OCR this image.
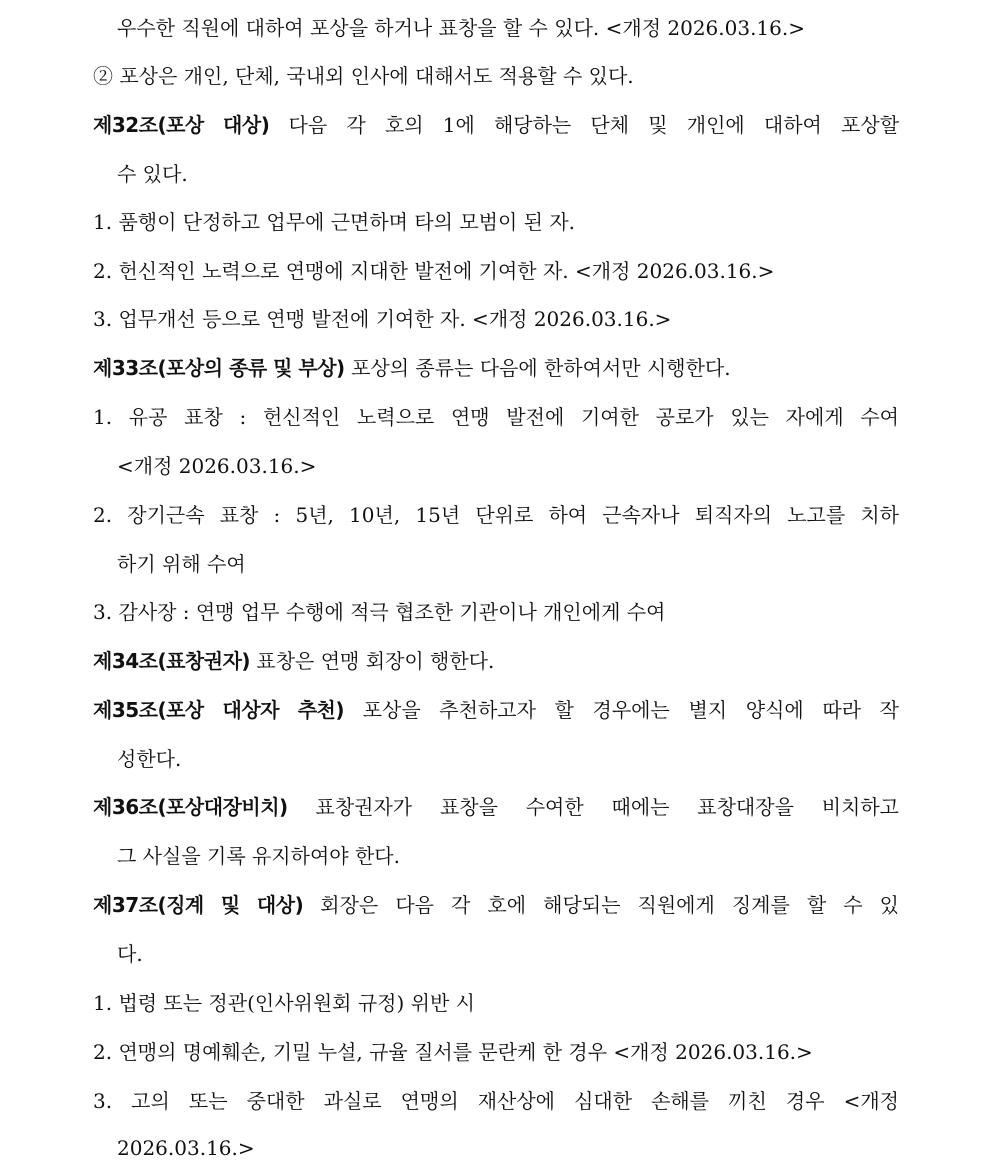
우수한 직원에 대하여 포상을 하거나 표창을 할 수 있다. <개정 2026.03.16.>
② 포상은 개인, 단체, 국내외 인사에 대해서도 적용할 수 있다.
제32조(포상 대상) 다음 각 호의 1에 해당하는 단체 및 개인에 대하여 포상할
수 있다.
1. 품행이 단정하고 업무에 근면하며 타의 모범이 된 자.
2. 헌신적인 노력으로 연맹에 지대한 발전에 기여한 자. <개정 2026.03.16.>
3. 업무개선 등으로 연맹 발전에 기여한 자. <개정 2026.03.16.>
제33조(포상의 종류 및 부상) 포상의 종류는 다음에 한하여서만 시행한다.
1. 유공 표창 : 헌신적인 노력으로 연맹 발전에 기여한 공로가 있는 자에게 수여
<개정 2026.03.16.>
2. 장기근속 표창 : 5년, 10년, 15년 단위로 하여 근속자나 퇴직자의 노고를 치하
하기 위해 수여
3. 감사장 : 연맹 업무 수행에 적극 협조한 기관이나 개인에게 수여
제34조(표창권자) 표창은 연맹 회장이 행한다.
제35조(포상 대상자 추천) 포상을 추천하고자 할 경우에는 별지 양식에 따라 작
성한다.
제36조(포상대장비치) 표창권자가 표창을 수여한 때에는 표창대장을 비치하고
그 사실을 기록 유지하여야 한다.
제37조(징계 및 대상) 회장은 다음 각 호에 해당되는 직원에게 징계를 할 수 있
다.
1. 법령 또는 정관(인사위원회 규정) 위반 시
2. 연맹의 명예훼손, 기밀 누설, 규율 질서를 문란케 한 경우 <개정 2026.03.16.>
3. 고의 또는 중대한 과실로 연맹의 재산상에 심대한 손해를 끼친 경우 <개정
2026.03.16.>
